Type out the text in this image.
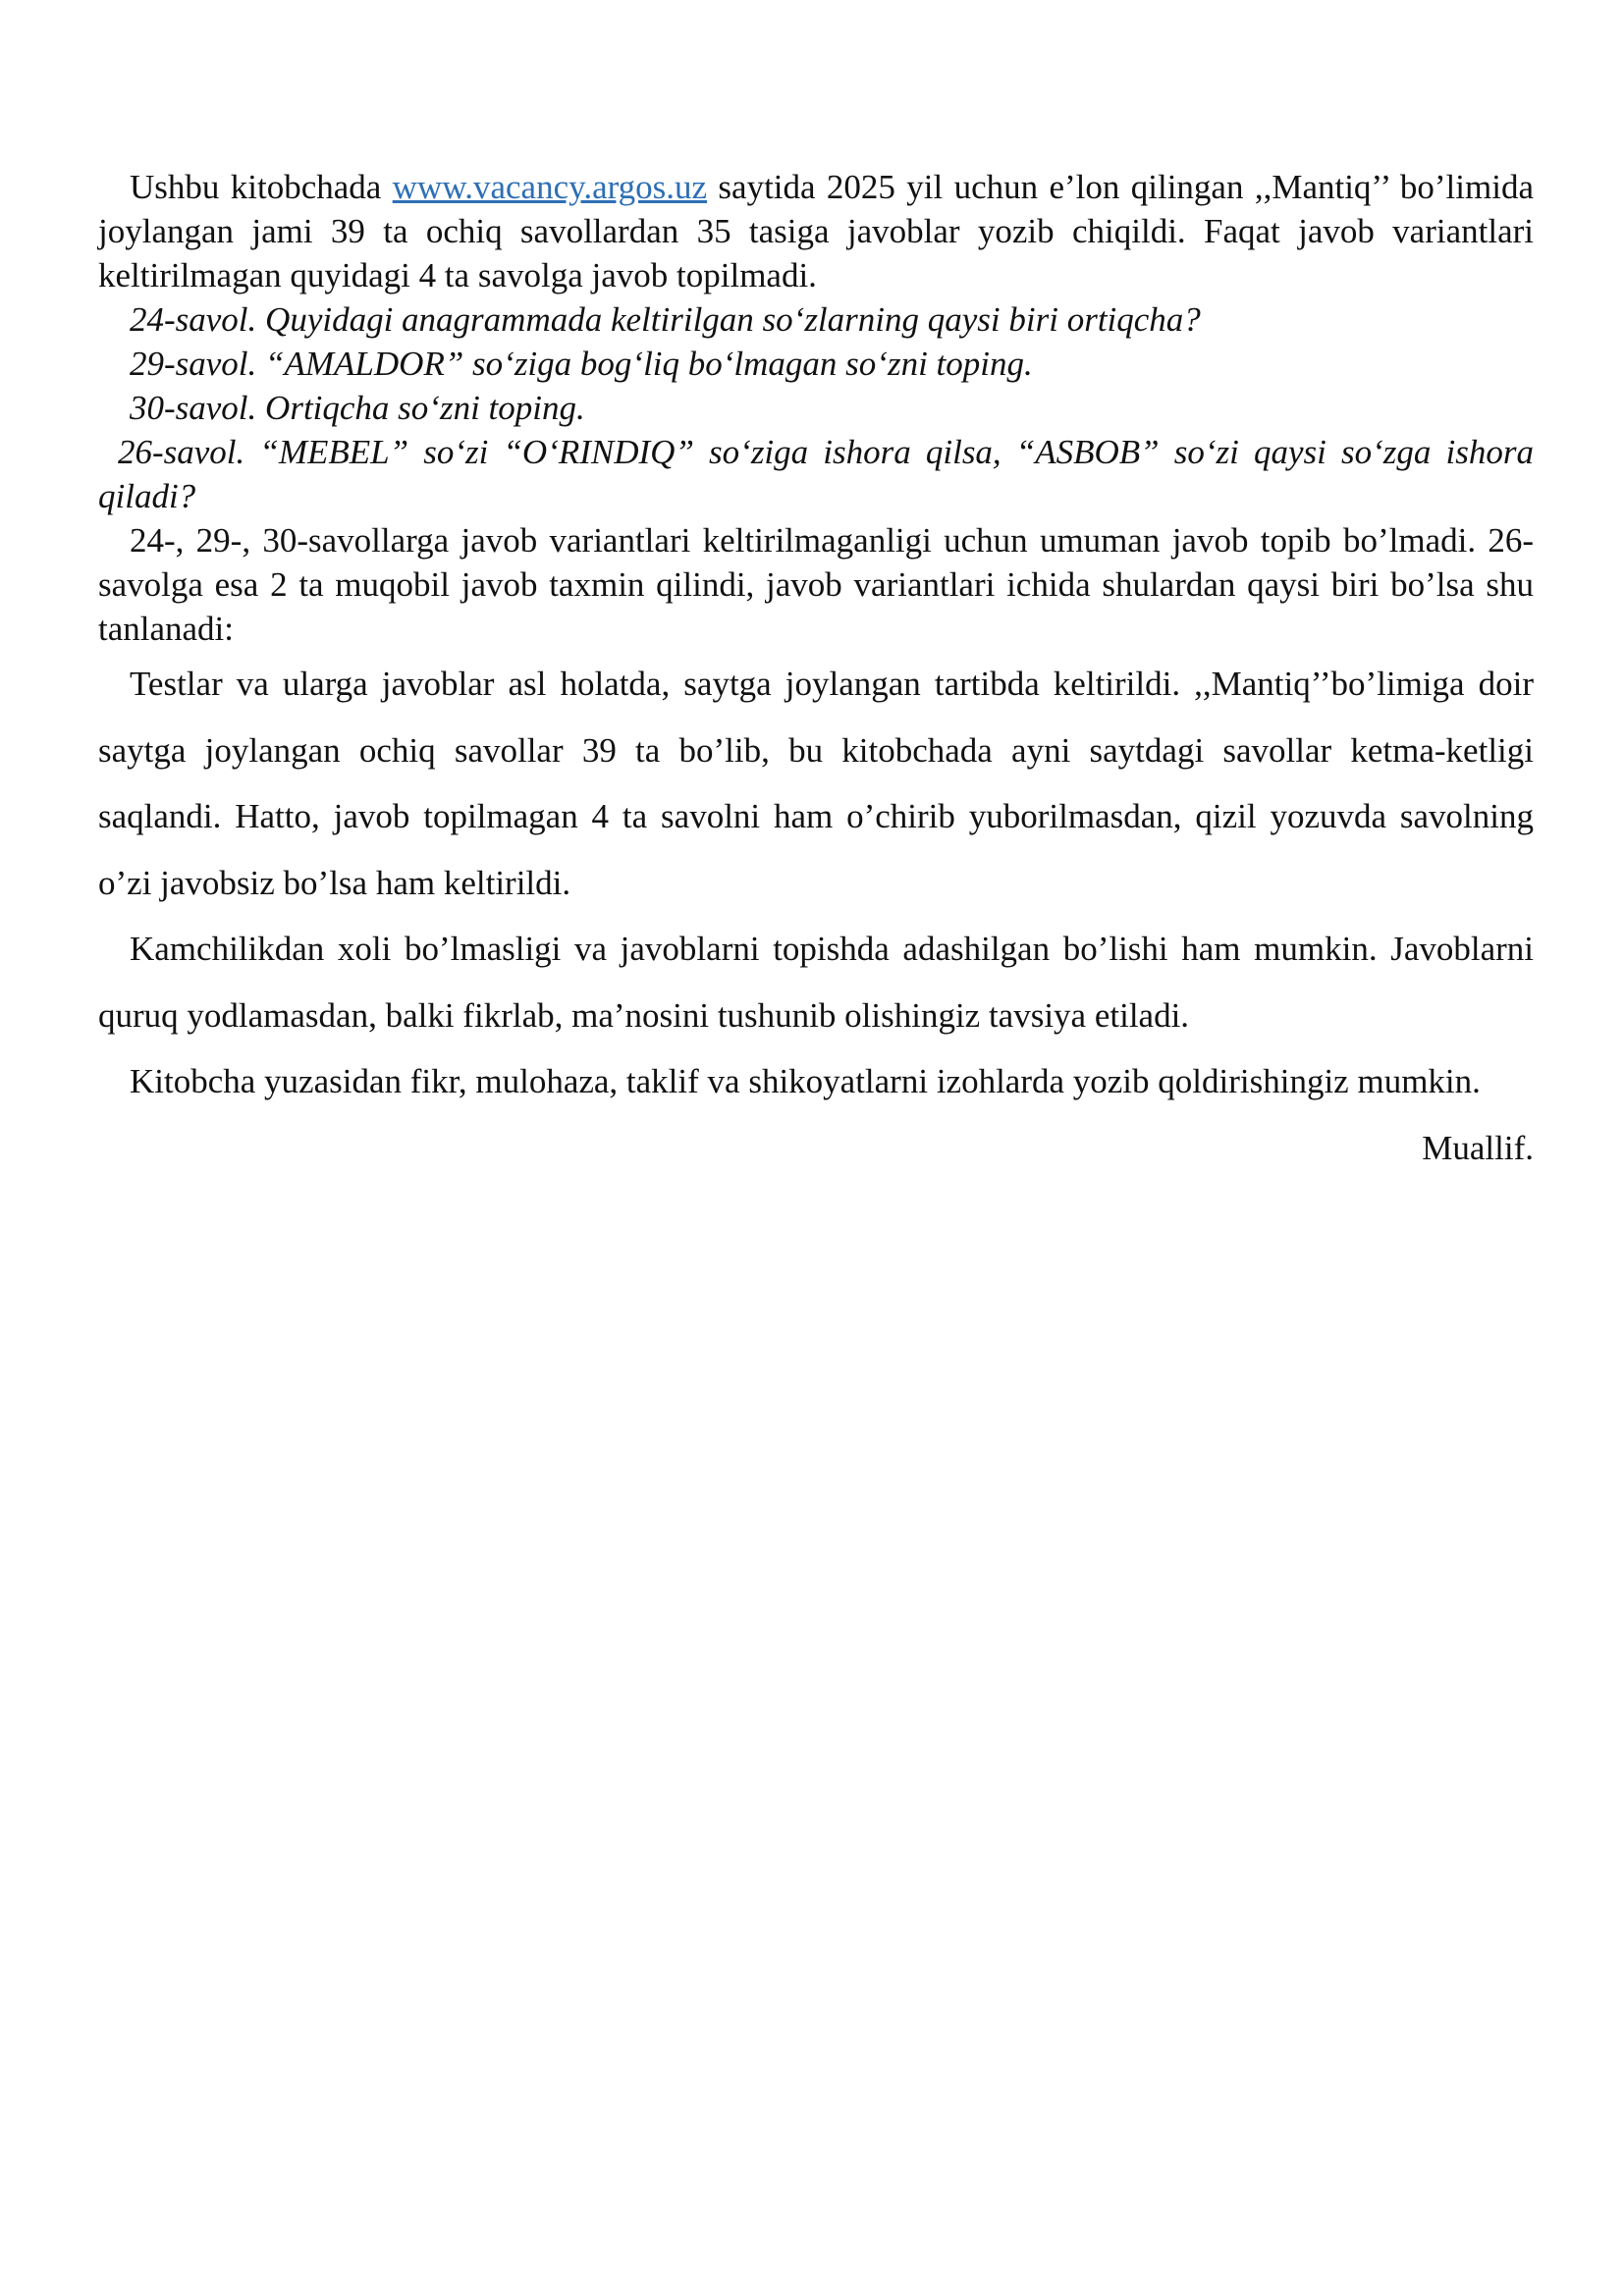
Ushbu kitobchada www.vacancy.argos.uz saytida 2025 yil uchun e’lon qilingan ,,Mantiq’’ bo’limida joylangan jami 39 ta ochiq savollardan 35 tasiga javoblar yozib chiqildi. Faqat javob variantlari keltirilmagan quyidagi 4 ta savolga javob topilmadi.

24-savol. Quyidagi anagrammada keltirilgan so‘zlarning qaysi biri ortiqcha?

29-savol. “AMALDOR” so‘ziga bog‘liq bo‘lmagan so‘zni toping.

30-savol. Ortiqcha so‘zni toping.

26-savol. “MEBEL” so‘zi “O‘RINDIQ” so‘ziga ishora qilsa, “ASBOB” so‘zi qaysi so‘zga ishora qiladi?

24-, 29-, 30-savollarga javob variantlari keltirilmaganligi uchun umuman javob topib bo’lmadi. 26-savolga esa 2 ta muqobil javob taxmin qilindi, javob variantlari ichida shulardan qaysi biri bo’lsa shu tanlanadi:

Testlar va ularga javoblar asl holatda, saytga joylangan tartibda keltirildi. ,,Mantiq’’bo’limiga doir saytga joylangan ochiq savollar 39 ta bo’lib, bu kitobchada ayni saytdagi savollar ketma-ketligi saqlandi. Hatto, javob topilmagan 4 ta savolni ham o’chirib yuborilmasdan, qizil yozuvda savolning o’zi javobsiz bo’lsa ham keltirildi.

Kamchilikdan xoli bo’lmasligi va javoblarni topishda adashilgan bo’lishi ham mumkin. Javoblarni quruq yodlamasdan, balki fikrlab, ma’nosini tushunib olishingiz tavsiya etiladi.

Kitobcha yuzasidan fikr, mulohaza, taklif va shikoyatlarni izohlarda yozib qoldirishingiz mumkin.

Muallif.
